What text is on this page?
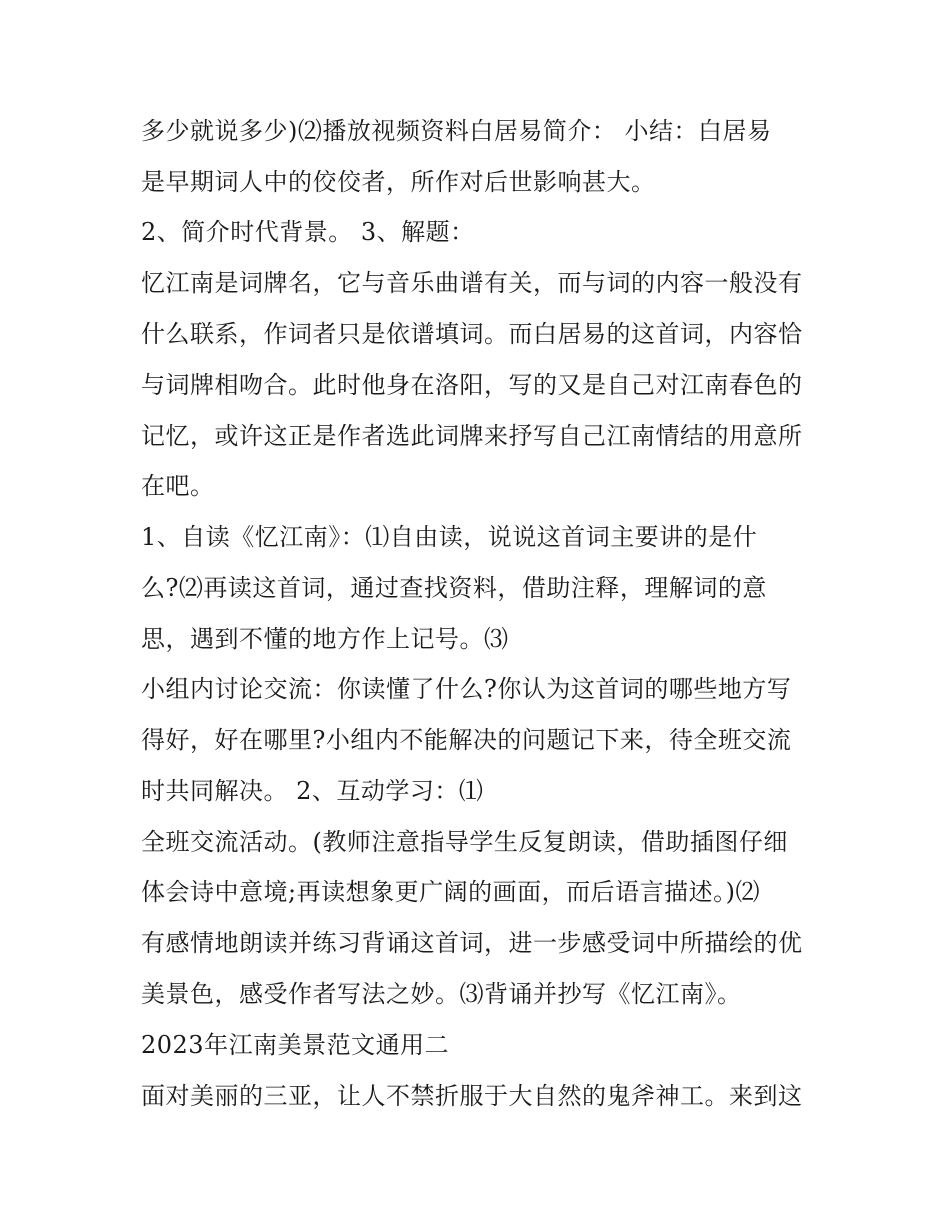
多少就说多少)⑵播放视频资料白居易简介： 小结：白居易
是早期词人中的佼佼者，所作对后世影响甚大。
2、简介时代背景。 3、解题：
忆江南是词牌名，它与音乐曲谱有关，而与词的内容一般没有
什么联系，作词者只是依谱填词。而白居易的这首词，内容恰
与词牌相吻合。此时他身在洛阳，写的又是自己对江南春色的
记忆，或许这正是作者选此词牌来抒写自己江南情结的用意所
在吧。
1、自读《忆江南》：⑴自由读，说说这首词主要讲的是什
么?⑵再读这首词，通过查找资料，借助注释，理解词的意
思，遇到不懂的地方作上记号。⑶
小组内讨论交流：你读懂了什么?你认为这首词的哪些地方写
得好，好在哪里?小组内不能解决的问题记下来，待全班交流
时共同解决。 2、互动学习：⑴
全班交流活动。(教师注意指导学生反复朗读，借助插图仔细
体会诗中意境;再读想象更广阔的画面，而后语言描述。)⑵
有感情地朗读并练习背诵这首词，进一步感受词中所描绘的优
美景色，感受作者写法之妙。⑶背诵并抄写《忆江南》。
2023年江南美景范文通用二
面对美丽的三亚，让人不禁折服于大自然的鬼斧神工。来到这
